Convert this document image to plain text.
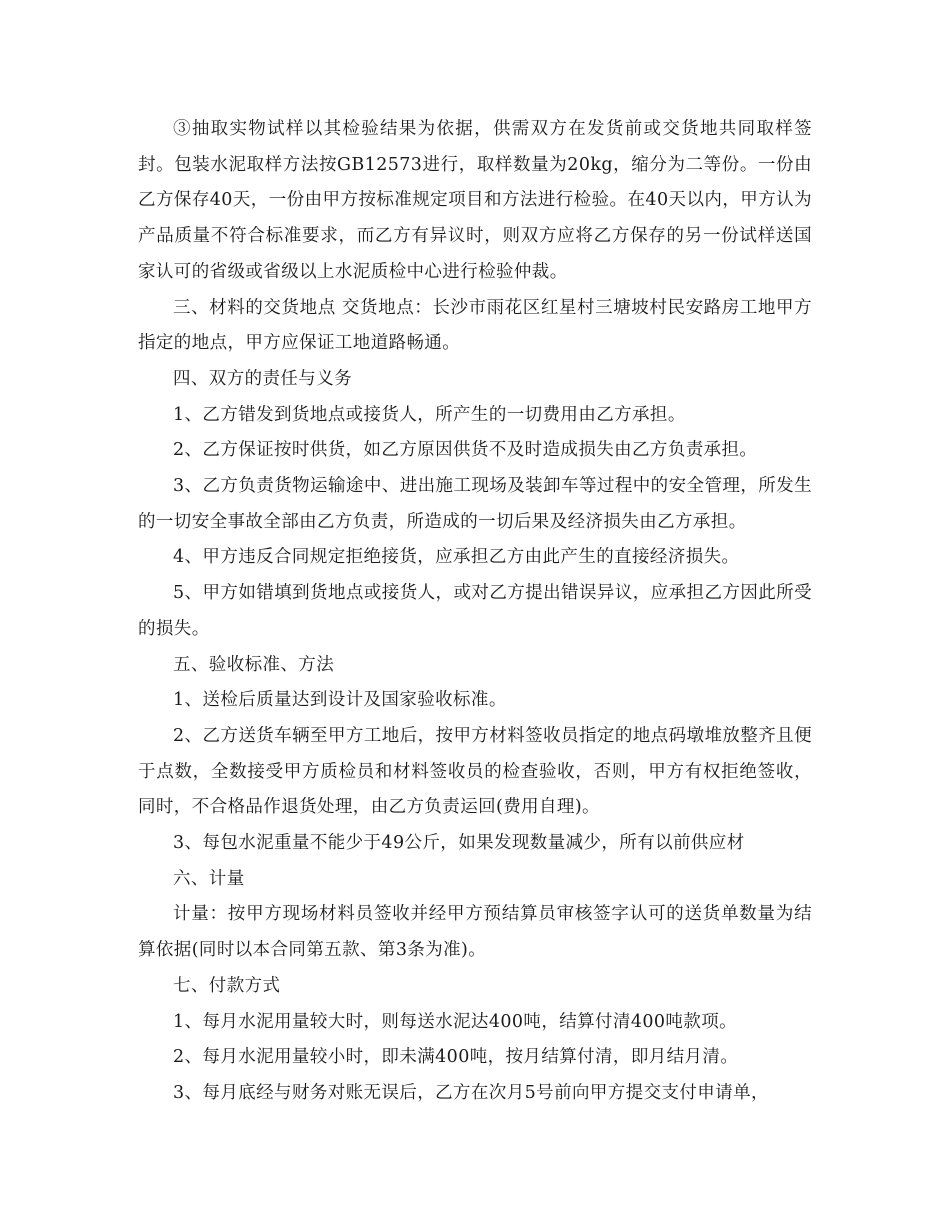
③抽取实物试样以其检验结果为依据，供需双方在发货前或交货地共同取样签封。包装水泥取样方法按GB12573进行，取样数量为20kg，缩分为二等份。一份由乙方保存40天，一份由甲方按标准规定项目和方法进行检验。在40天以内，甲方认为产品质量不符合标准要求，而乙方有异议时，则双方应将乙方保存的另一份试样送国家认可的省级或省级以上水泥质检中心进行检验仲裁。

三、材料的交货地点 交货地点：长沙市雨花区红星村三塘坡村民安路房工地甲方指定的地点，甲方应保证工地道路畅通。

四、双方的责任与义务

1、乙方错发到货地点或接货人，所产生的一切费用由乙方承担。

2、乙方保证按时供货，如乙方原因供货不及时造成损失由乙方负责承担。

3、乙方负责货物运输途中、进出施工现场及装卸车等过程中的安全管理，所发生的一切安全事故全部由乙方负责，所造成的一切后果及经济损失由乙方承担。

4、甲方违反合同规定拒绝接货，应承担乙方由此产生的直接经济损失。

5、甲方如错填到货地点或接货人，或对乙方提出错误异议，应承担乙方因此所受的损失。

五、验收标准、方法

1、送检后质量达到设计及国家验收标准。

2、乙方送货车辆至甲方工地后，按甲方材料签收员指定的地点码墩堆放整齐且便于点数，全数接受甲方质检员和材料签收员的检查验收，否则，甲方有权拒绝签收，同时，不合格品作退货处理，由乙方负责运回(费用自理)。

3、每包水泥重量不能少于49公斤，如果发现数量减少，所有以前供应材

六、计量

计量：按甲方现场材料员签收并经甲方预结算员审核签字认可的送货单数量为结算依据(同时以本合同第五款、第3条为准)。

七、付款方式

1、每月水泥用量较大时，则每送水泥达400吨，结算付清400吨款项。

2、每月水泥用量较小时，即未满400吨，按月结算付清，即月结月清。

3、每月底经与财务对账无误后，乙方在次月5号前向甲方提交支付申请单，
